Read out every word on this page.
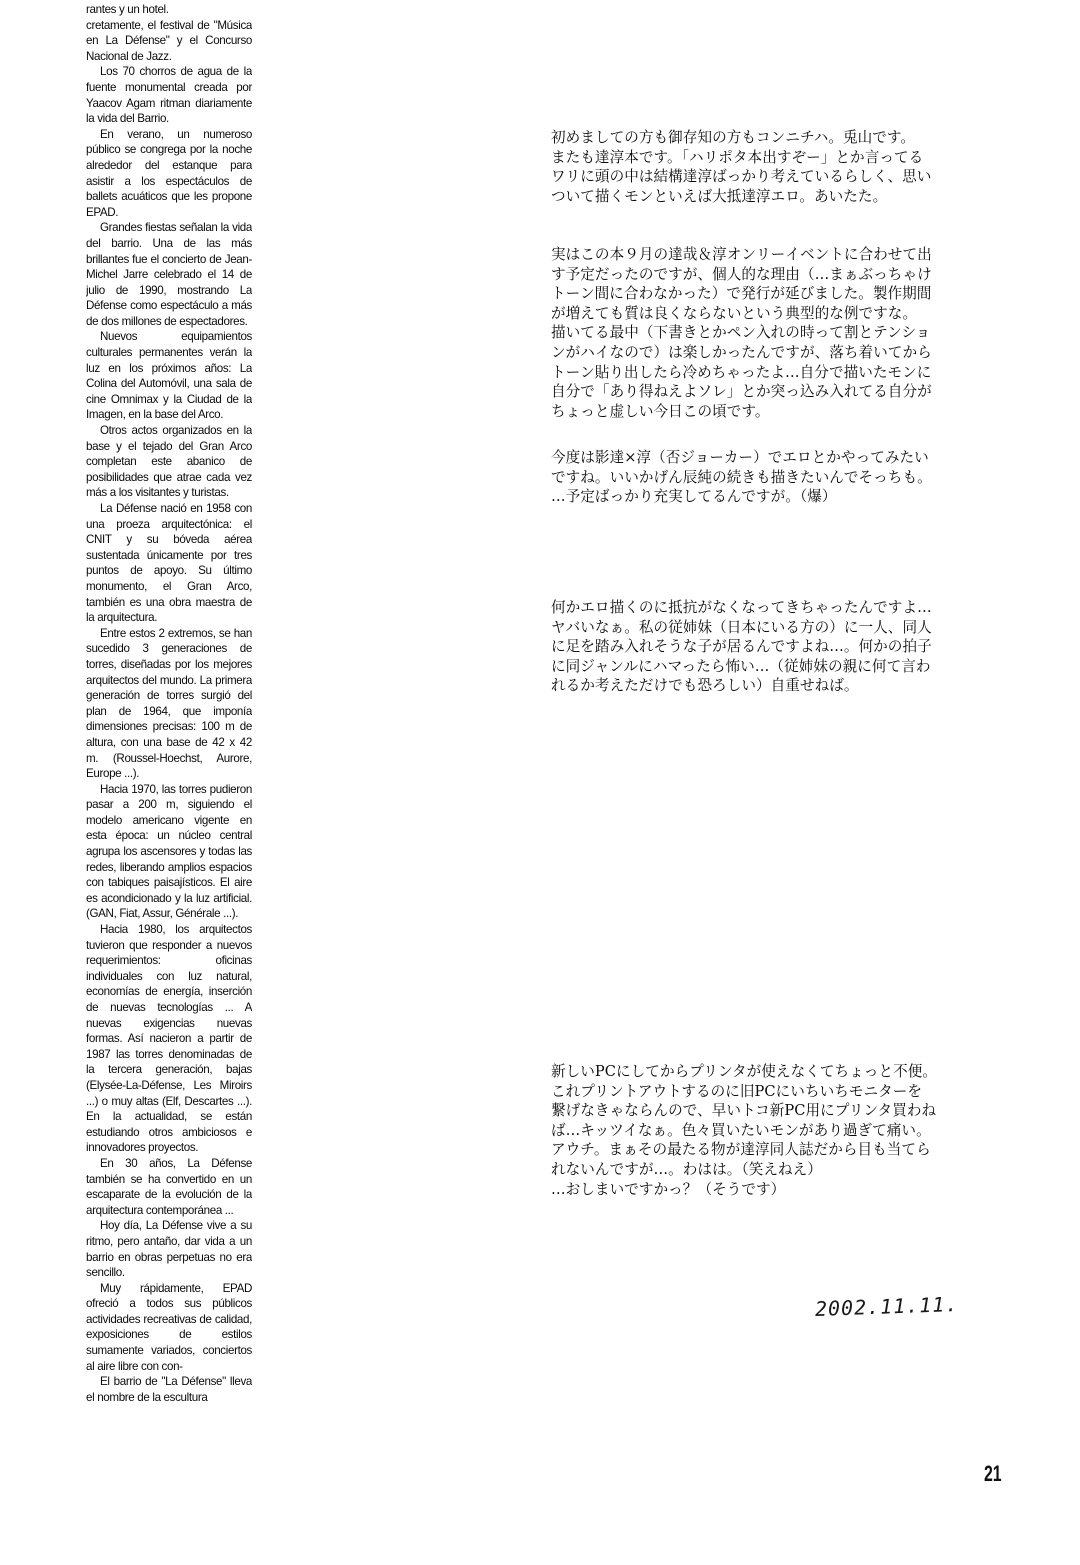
rantes y un hotel.

cretamente, el festival de "Música en La Défense" y el Concurso Nacional de Jazz.

Los 70 chorros de agua de la fuente monumental creada por Yaacov Agam ritman diariamente la vida del Barrio.

En verano, un numeroso público se congrega por la noche alrededor del estanque para asistir a los espectáculos de ballets acuáticos que les propone EPAD.

Grandes fiestas señalan la vida del barrio. Una de las más brillantes fue el concierto de Jean-Michel Jarre celebrado el 14 de julio de 1990, mostrando La Défense como espectáculo a más de dos millones de espectadores.

Nuevos equipamientos culturales permanentes verán la luz en los próximos años: La Colina del Automóvil, una sala de cine Omnimax y la Ciudad de la Imagen, en la base del Arco.

Otros actos organizados en la base y el tejado del Gran Arco completan este abanico de posibilidades que atrae cada vez más a los visitantes y turistas.

La Défense nació en 1958 con una proeza arquitectónica: el CNIT y su bóveda aérea sustentada únicamente por tres puntos de apoyo. Su último monumento, el Gran Arco, también es una obra maestra de la arquitectura.

Entre estos 2 extremos, se han sucedido 3 generaciones de torres, diseñadas por los mejores arquitectos del mundo. La primera generación de torres surgió del plan de 1964, que imponía dimensiones precisas: 100 m de altura, con una base de 42 x 42 m. (Roussel-Hoechst, Aurore, Europe ...).

Hacia 1970, las torres pudieron pasar a 200 m, siguiendo el modelo americano vigente en esta época: un núcleo central agrupa los ascensores y todas las redes, liberando amplios espacios con tabiques paisajísticos. El aire es acondicionado y la luz artificial. (GAN, Fiat, Assur, Générale ...).

Hacia 1980, los arquitectos tuvieron que responder a nuevos requerimientos: oficinas individuales con luz natural, economías de energía, inserción de nuevas tecnologías ... A nuevas exigencias nuevas formas. Así nacieron a partir de 1987 las torres denominadas de la tercera generación, bajas (Elysée-La-Défense, Les Miroirs ...) o muy altas (Elf, Descartes ...). En la actualidad, se están estudiando otros ambiciosos e innovadores proyectos.

En 30 años, La Défense también se ha convertido en un escaparate de la evolución de la arquitectura contemporánea ...

Hoy día, La Défense vive a su ritmo, pero antaño, dar vida a un barrio en obras perpetuas no era sencillo.

Muy rápidamente, EPAD ofreció a todos sus públicos actividades recreativas de calidad, exposiciones de estilos sumamente variados, conciertos al aire libre con con-

El barrio de "La Défense" lleva el nombre de la escultura

初めましての方も御存知の方もコンニチハ。兎山です。
またも達淳本です。「ハリポタ本出すぞー」とか言ってる
ワリに頭の中は結構達淳ばっかり考えているらしく、思い
ついて描くモンといえば大抵達淳エロ。あいたた。

実はこの本９月の達哉＆淳オンリーイベントに合わせて出
す予定だったのですが、個人的な理由（…まぁぶっちゃけ
トーン間に合わなかった）で発行が延びました。製作期間
が増えても質は良くならないという典型的な例ですな。
描いてる最中（下書きとかペン入れの時って割とテンショ
ンがハイなので）は楽しかったんですが、落ち着いてから
トーン貼り出したら冷めちゃったよ…自分で描いたモンに
自分で「あり得ねえよソレ」とか突っ込み入れてる自分が
ちょっと虚しい今日この頃です。

今度は影達×淳（否ジョーカー）でエロとかやってみたい
ですね。いいかげん辰純の続きも描きたいんでそっちも。
…予定ばっかり充実してるんですが。（爆）

何かエロ描くのに抵抗がなくなってきちゃったんですよ…
ヤバいなぁ。私の従姉妹（日本にいる方の）に一人、同人
に足を踏み入れそうな子が居るんですよね…。何かの拍子
に同ジャンルにハマったら怖い…（従姉妹の親に何て言わ
れるか考えただけでも恐ろしい）自重せねば。

新しいPCにしてからプリンタが使えなくてちょっと不便。
これプリントアウトするのに旧PCにいちいちモニターを
繋げなきゃならんので、早いトコ新PC用にプリンタ買わね
ば…キッツイなぁ。色々買いたいモンがあり過ぎて痛い。
アウチ。まぁその最たる物が達淳同人誌だから目も当てら
れないんですが…。わはは。（笑えねえ）
…おしまいですかっ？（そうです）

2002.11.11.
21
